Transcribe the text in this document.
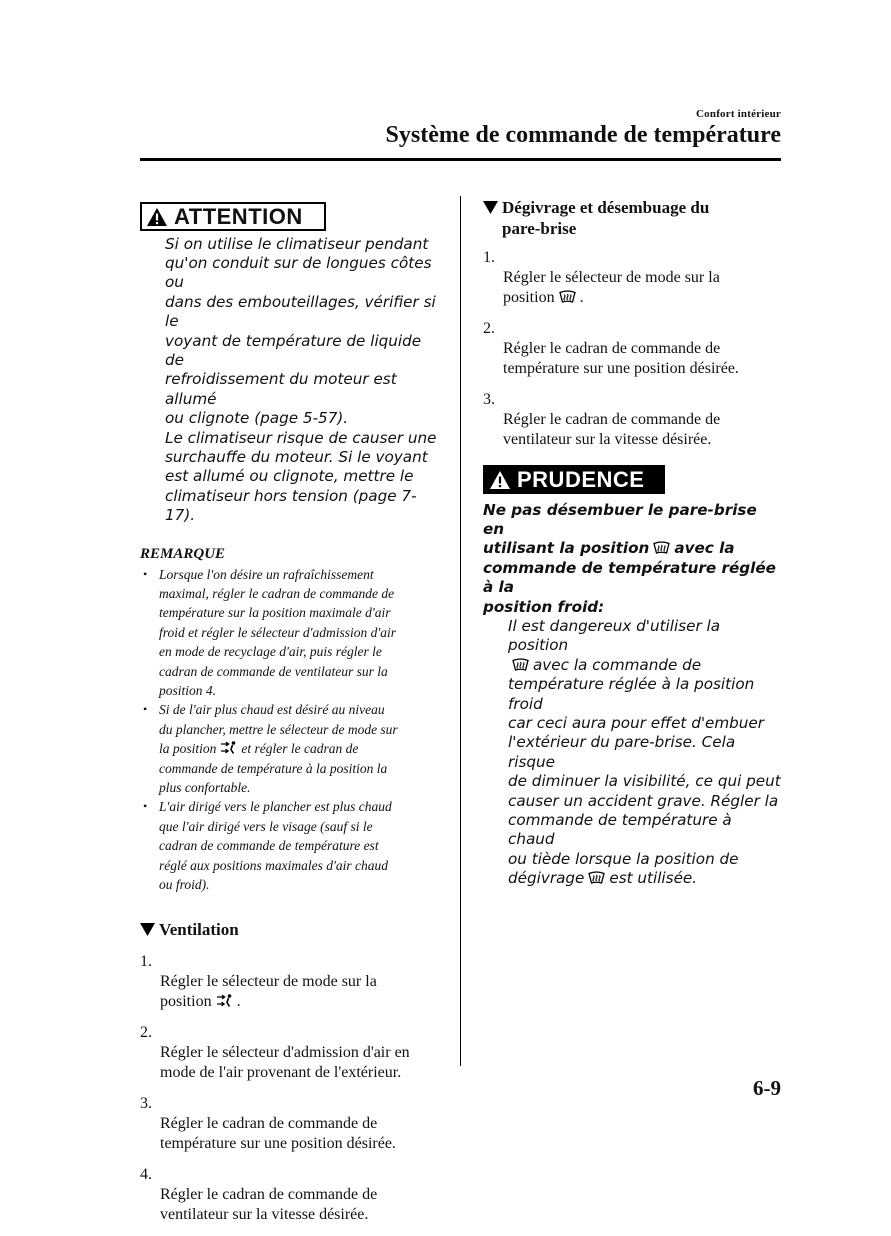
Confort intérieur
Système de commande de température
ATTENTION

Si on utilise le climatiseur pendant
qu'on conduit sur de longues côtes ou
dans des embouteillages, vérifier si le
voyant de température de liquide de
refroidissement du moteur est allumé
ou clignote (page 5-57).
Le climatiseur risque de causer une
surchauffe du moteur. Si le voyant
est allumé ou clignote, mettre le
climatiseur hors tension (page 7-17).

REMARQUE
• Lorsque l'on désire un rafraîchissement
maximal, régler le cadran de commande de
température sur la position maximale d'air
froid et régler le sélecteur d'admission d'air
en mode de recyclage d'air, puis régler le
cadran de commande de ventilateur sur la
position 4.
• Si de l'air plus chaud est désiré au niveau
du plancher, mettre le sélecteur de mode sur
la position et régler le cadran de
commande de température à la position la
plus confortable.
• L'air dirigé vers le plancher est plus chaud
que l'air dirigé vers le visage (sauf si le
cadran de commande de température est
réglé aux positions maximales d'air chaud
ou froid).
Ventilation

1.
Régler le sélecteur de mode sur la
position .

2.
Régler le sélecteur d'admission d'air en
mode de l'air provenant de l'extérieur.

3.
Régler le cadran de commande de
température sur une position désirée.

4.
Régler le cadran de commande de
ventilateur sur la vitesse désirée.

Dégivrage et désembuage du
pare-brise

1.
Régler le sélecteur de mode sur la
position .

2.
Régler le cadran de commande de
température sur une position désirée.

3.
Régler le cadran de commande de
ventilateur sur la vitesse désirée.

PRUDENCE

Ne pas désembuer le pare-brise en
utilisant la position avec la
commande de température réglée à la
position froid:

Il est dangereux d'utiliser la position
avec la commande de
température réglée à la position froid
car ceci aura pour effet d'embuer
l'extérieur du pare-brise. Cela risque
de diminuer la visibilité, ce qui peut
causer un accident grave. Régler la
commande de température à chaud
ou tiède lorsque la position de
dégivrage est utilisée.

6-9
